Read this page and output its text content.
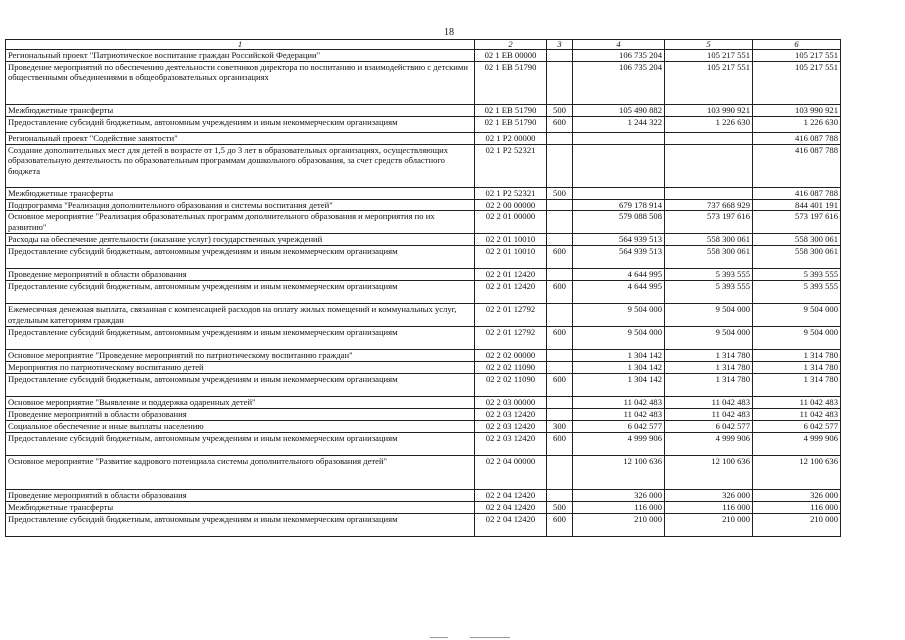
18
1	2	3	4	5	6
Региональный проект "Патриотическое воспитание граждан Российской Федерации"	02 1 EB 00000		106 735 204	105 217 551	105 217 551
Проведение мероприятий по обеспечению деятельности советников директора по воспитанию и взаимодействию с детскими общественными объединениями в общеобразовательных организациях	02 1 EB 51790		106 735 204	105 217 551	105 217 551
Межбюджетные трансферты	02 1 EB 51790	500	105 490 882	103 990 921	103 990 921
Предоставление субсидий бюджетным, автономным учреждениям и иным некоммерческим организациям	02 1 EB 51790	600	1 244 322	1 226 630	1 226 630
Региональный проект "Содействие занятости"	02 1 P2 00000				416 087 788
Создание дополнительных мест для детей в возрасте от 1,5 до 3 лет в образовательных организациях, осуществляющих образовательную деятельность по образовательным программам дошкольного образования, за счет средств областного бюджета	02 1 P2 52321				416 087 788
Межбюджетные трансферты	02 1 P2 52321	500			416 087 788
Подпрограмма "Реализация дополнительного образования и системы воспитания детей"	02 2 00 00000		679 178 914	737 668 929	844 401 191
Основное мероприятие "Реализация образовательных программ дополнительного образования и мероприятия по их развитию"	02 2 01 00000		579 088 508	573 197 616	573 197 616
Расходы на обеспечение деятельности (оказание услуг) государственных учреждений	02 2 01 10010		564 939 513	558 300 061	558 300 061
Предоставление субсидий бюджетным, автономным учреждениям и иным некоммерческим организациям	02 2 01 10010	600	564 939 513	558 300 061	558 300 061
Проведение мероприятий в области образования	02 2 01 12420		4 644 995	5 393 555	5 393 555
Предоставление субсидий бюджетным, автономным учреждениям и иным некоммерческим организациям	02 2 01 12420	600	4 644 995	5 393 555	5 393 555
Ежемесячная денежная выплата, связанная с компенсацией расходов на оплату жилых помещений и коммунальных услуг, отдельным категориям граждан	02 2 01 12792		9 504 000	9 504 000	9 504 000
Предоставление субсидий бюджетным, автономным учреждениям и иным некоммерческим организациям	02 2 01 12792	600	9 504 000	9 504 000	9 504 000
Основное мероприятие "Проведение мероприятий по патриотическому воспитанию граждан"	02 2 02 00000		1 304 142	1 314 780	1 314 780
Мероприятия по патриотическому воспитанию детей	02 2 02 11090		1 304 142	1 314 780	1 314 780
Предоставление субсидий бюджетным, автономным учреждениям и иным некоммерческим организациям	02 2 02 11090	600	1 304 142	1 314 780	1 314 780
Основное мероприятие "Выявление и поддержка одаренных детей"	02 2 03 00000		11 042 483	11 042 483	11 042 483
Проведение мероприятий в области образования	02 2 03 12420		11 042 483	11 042 483	11 042 483
Социальное обеспечение и иные выплаты населению	02 2 03 12420	300	6 042 577	6 042 577	6 042 577
Предоставление субсидий бюджетным, автономным учреждениям и иным некоммерческим организациям	02 2 03 12420	600	4 999 906	4 999 906	4 999 906
Основное мероприятие "Развитие кадрового потенциала системы дополнительного образования детей"	02 2 04 00000		12 100 636	12 100 636	12 100 636
Проведение мероприятий в области образования	02 2 04 12420		326 000	326 000	326 000
Межбюджетные трансферты	02 2 04 12420	500	116 000	116 000	116 000
Предоставление субсидий бюджетным, автономным учреждениям и иным некоммерческим организациям	02 2 04 12420	600	210 000	210 000	210 000
